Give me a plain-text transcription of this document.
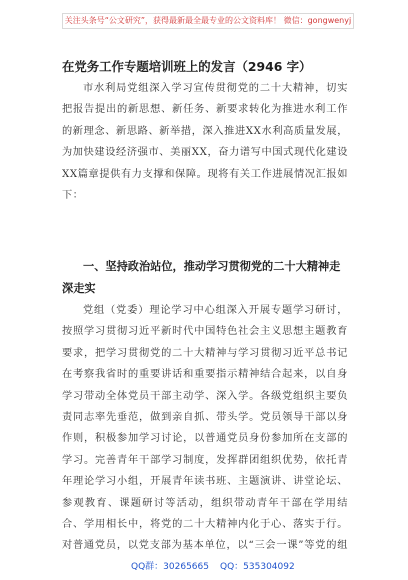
关注头条号“公文研究”，获得最新最全最专业的公文资料库！ 微信：gongwenyj
在党务工作专题培训班上的发言（2946 字）

市水利局党组深入学习宣传贯彻党的二十大精神，切实把报告提出的新思想、新任务、新要求转化为推进水利工作的新理念、新思路、新举措，深入推进XX水利高质量发展，为加快建设经济强市、美丽XX，奋力谱写中国式现代化建设XX篇章提供有力支撑和保障。现将有关工作进展情况汇报如下：

一、坚持政治站位，推动学习贯彻党的二十大精神走深走实

党组（党委）理论学习中心组深入开展专题学习研讨，按照学习贯彻习近平新时代中国特色社会主义思想主题教育要求，把学习贯彻党的二十大精神与学习贯彻习近平总书记在考察我省时的重要讲话和重要指示精神结合起来，以自身学习带动全体党员干部主动学、深入学。各级党组织主要负责同志率先垂范，做到亲自抓、带头学。党员领导干部以身作则，积极参加学习讨论，以普通党员身份参加所在支部的学习。完善青年干部学习制度，发挥群团组织优势，依托青年理论学习小组，开展青年读书班、主题演讲、讲堂论坛、参观教育、课题研讨等活动，组织带动青年干部在学用结合、学用相长中，将党的二十大精神内化于心、落实于行。对普通党员，以党支部为基本单位，以“三会一课”等党的组

QQ群：30265665 QQ：535304092
